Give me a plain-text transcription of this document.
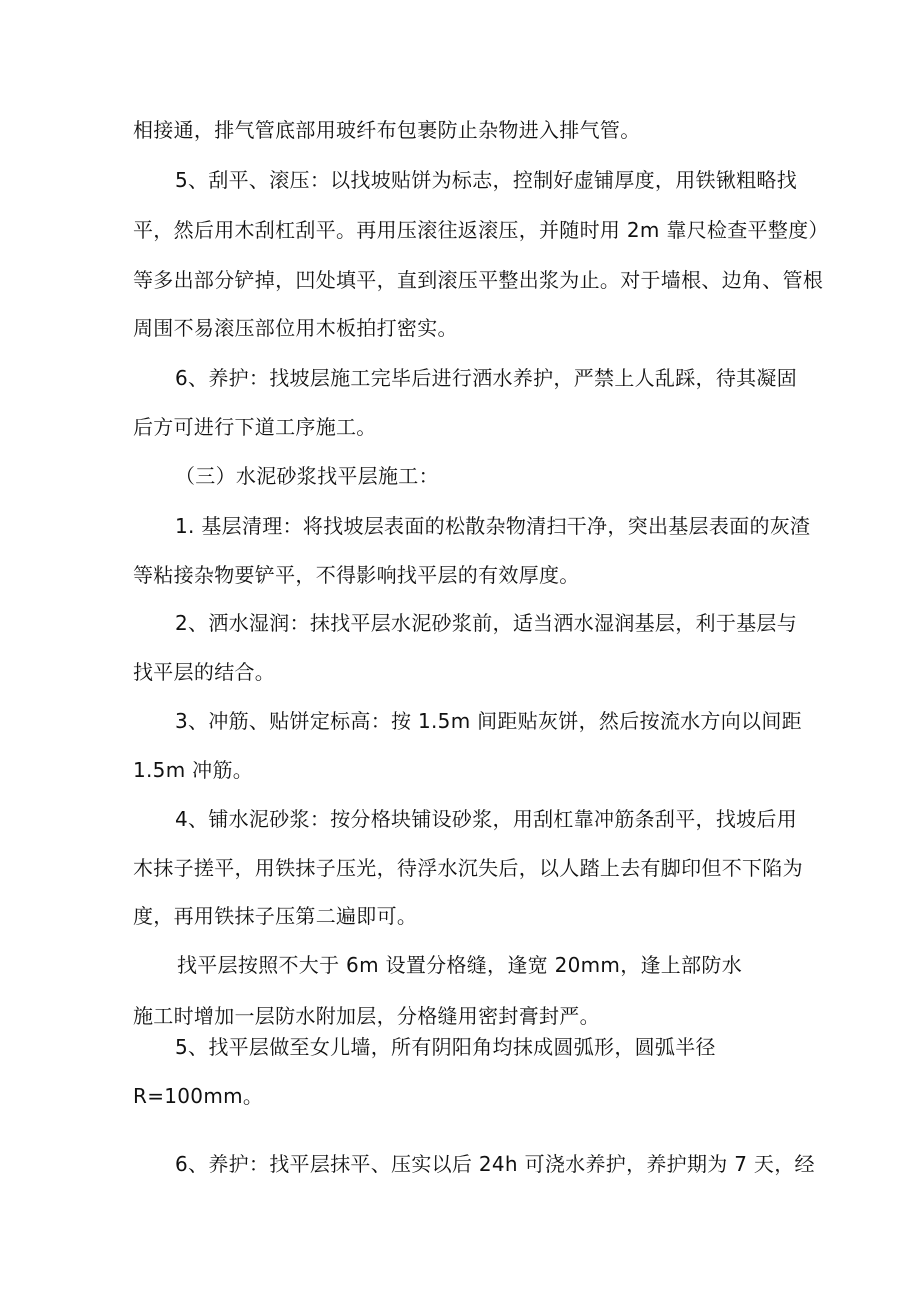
相接通，排气管底部用玻纤布包裹防止杂物进入排气管。
5、刮平、滚压：以找坡贴饼为标志，控制好虚铺厚度，用铁锹粗略找
平，然后用木刮杠刮平。再用压滚往返滚压，并随时用 2m 靠尺检查平整度）
等多出部分铲掉，凹处填平，直到滚压平整出浆为止。对于墙根、边角、管根
周围不易滚压部位用木板拍打密实。
6、养护：找坡层施工完毕后进行洒水养护，严禁上人乱踩，待其凝固
后方可进行下道工序施工。
（三）水泥砂浆找平层施工：
1. 基层清理：将找坡层表面的松散杂物清扫干净，突出基层表面的灰渣
等粘接杂物要铲平，不得影响找平层的有效厚度。
2、洒水湿润：抹找平层水泥砂浆前，适当洒水湿润基层，利于基层与
找平层的结合。
3、冲筋、贴饼定标高：按 1.5m 间距贴灰饼，然后按流水方向以间距
1.5m 冲筋。
4、铺水泥砂浆：按分格块铺设砂浆，用刮杠靠冲筋条刮平，找坡后用
木抹子搓平，用铁抹子压光，待浮水沉失后，以人踏上去有脚印但不下陷为
度，再用铁抹子压第二遍即可。
找平层按照不大于 6m 设置分格缝，逢宽 20mm，逢上部防水
施工时增加一层防水附加层，分格缝用密封膏封严。
5、找平层做至女儿墙，所有阴阳角均抹成圆弧形，圆弧半径
R=100mm。
6、养护：找平层抹平、压实以后 24h 可浇水养护，养护期为 7 天，经
